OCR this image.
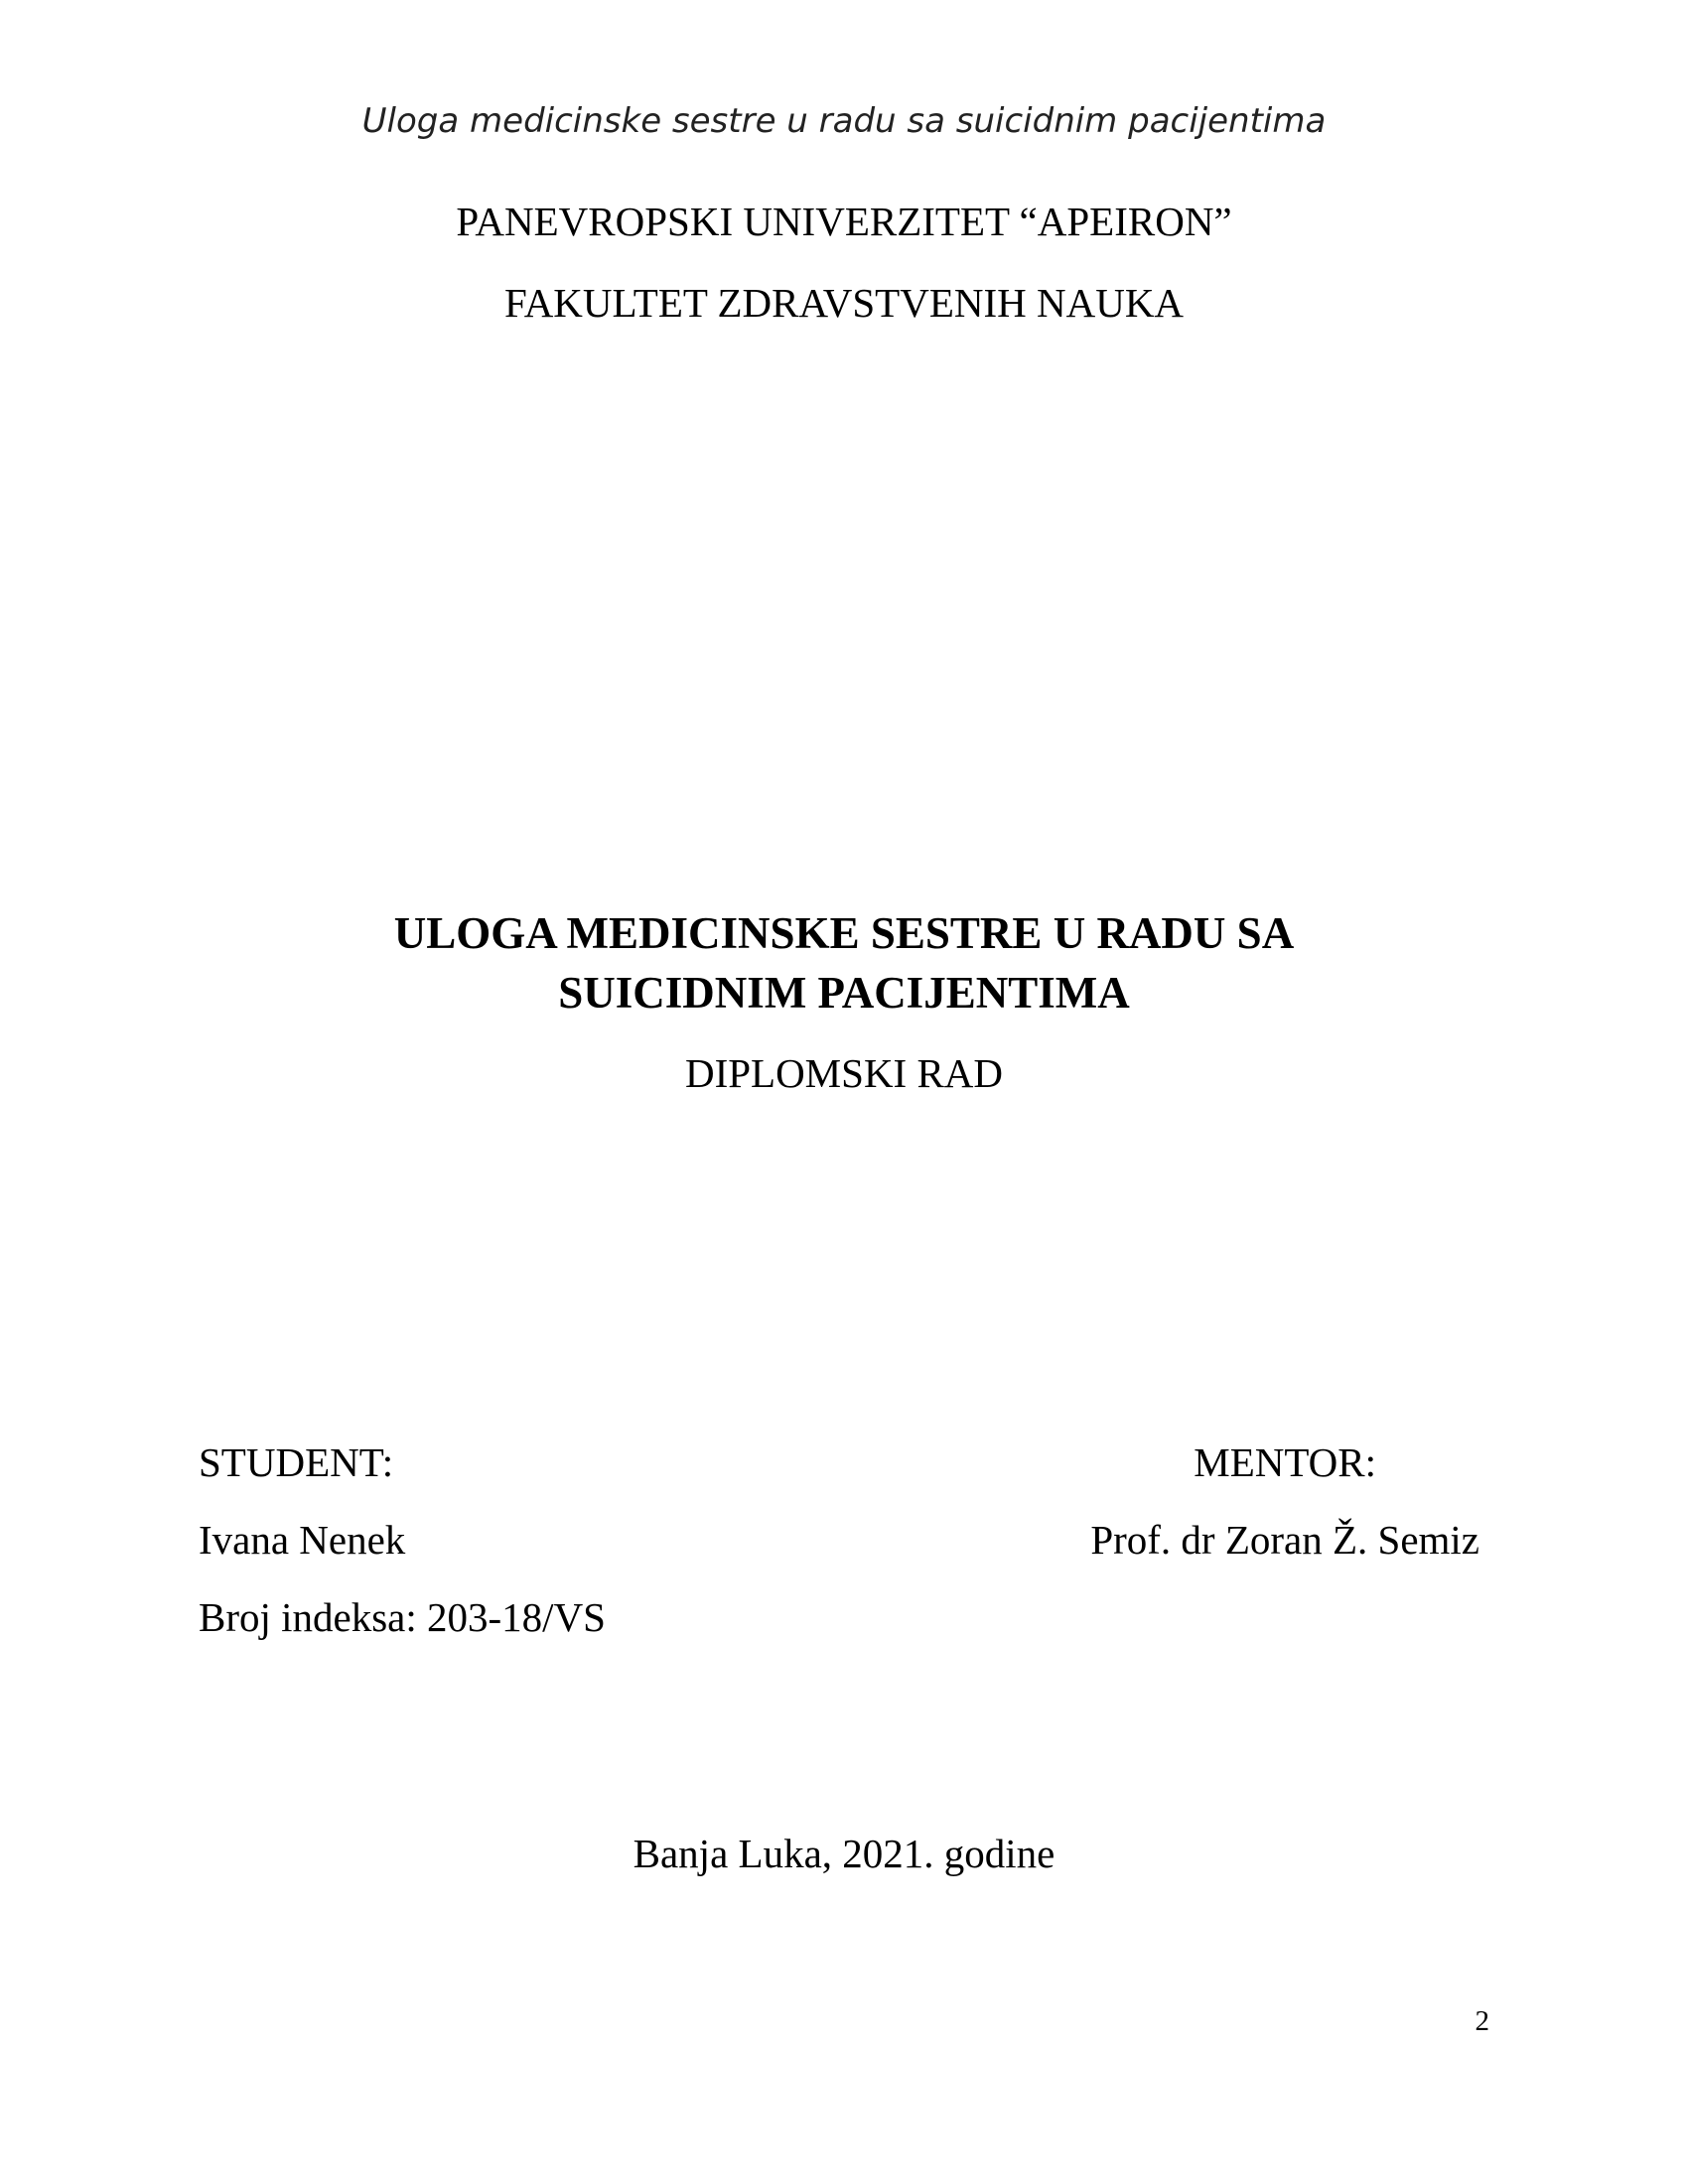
Uloga medicinske sestre u radu sa suicidnim pacijentima
PANEVROPSKI UNIVERZITET “APEIRON”
FAKULTET ZDRAVSTVENIH NAUKA
ULOGA MEDICINSKE SESTRE U RADU SA
SUICIDNIM PACIJENTIMA
DIPLOMSKI RAD
STUDENT:
Ivana Nenek
Broj indeksa: 203-18/VS
MENTOR:
Prof. dr Zoran Ž. Semiz
Banja Luka, 2021. godine
2
